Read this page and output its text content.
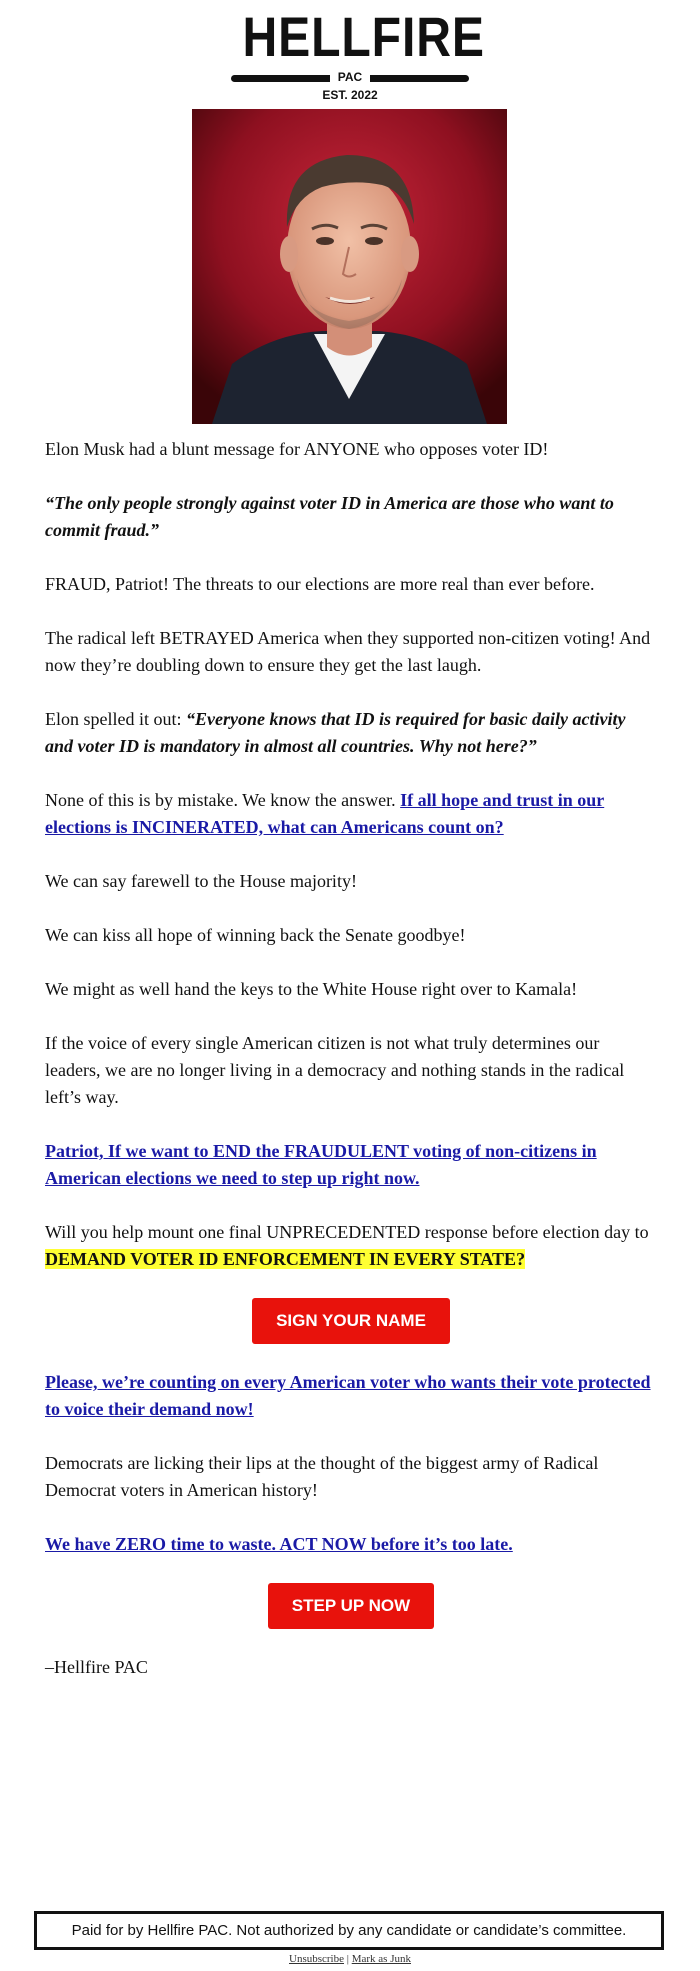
HELLFIRE
PAC
EST. 2022

Elon Musk had a blunt message for ANYONE who opposes voter ID!

“The only people strongly against voter ID in America are those who want to commit fraud.”

FRAUD, Patriot! The threats to our elections are more real than ever before.

The radical left BETRAYED America when they supported non-citizen voting! And now they’re doubling down to ensure they get the last laugh.

Elon spelled it out: “Everyone knows that ID is required for basic daily activity and voter ID is mandatory in almost all countries. Why not here?”

None of this is by mistake. We know the answer. If all hope and trust in our elections is INCINERATED, what can Americans count on?

We can say farewell to the House majority!

We can kiss all hope of winning back the Senate goodbye!

We might as well hand the keys to the White House right over to Kamala!

If the voice of every single American citizen is not what truly determines our leaders, we are no longer living in a democracy and nothing stands in the radical left’s way.

Patriot, If we want to END the FRAUDULENT voting of non-citizens in American elections we need to step up right now.

Will you help mount one final UNPRECEDENTED response before election day to DEMAND VOTER ID ENFORCEMENT IN EVERY STATE?

SIGN YOUR NAME

Please, we’re counting on every American voter who wants their vote protected to voice their demand now!

Democrats are licking their lips at the thought of the biggest army of Radical Democrat voters in American history!

We have ZERO time to waste. ACT NOW before it’s too late.

STEP UP NOW

–Hellfire PAC

Paid for by Hellfire PAC. Not authorized by any candidate or candidate’s committee.
Unsubscribe | Mark as Junk
